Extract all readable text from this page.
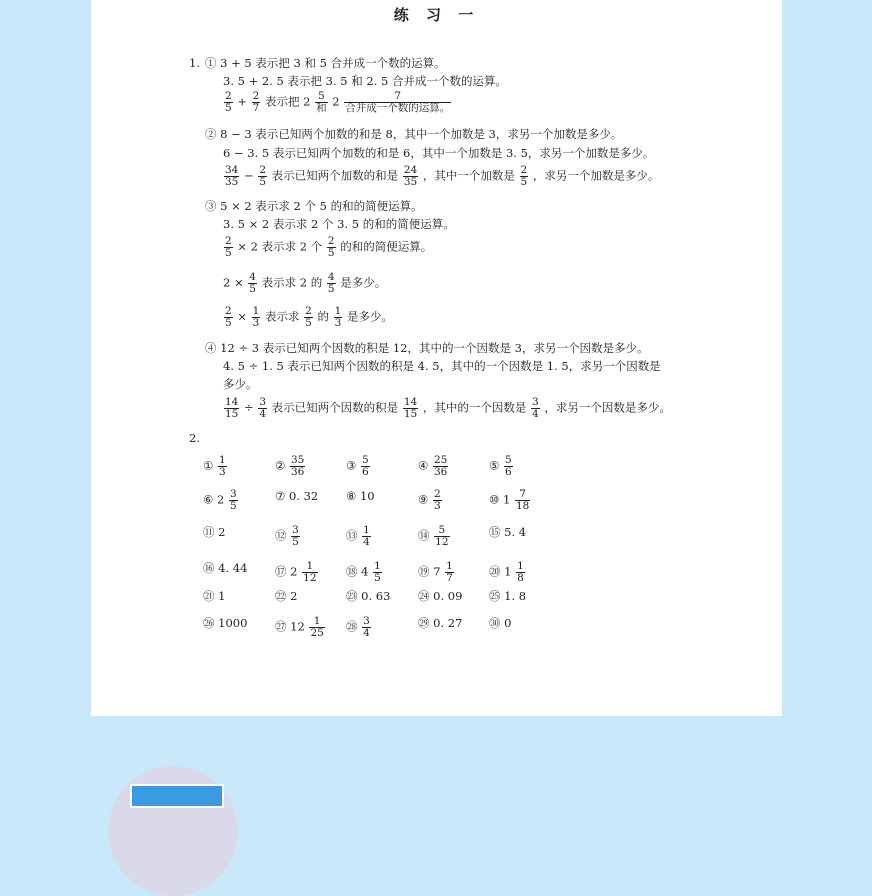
练 习 一
1. ① 3 + 5 表示把 3 和 5 合并成一个数的运算。
3. 5 + 2. 5 表示把 3. 5 和 2. 5 合并成一个数的运算。
$\frac{2}{5} + \frac{2}{7}$ 表示把 $2 \frac{5}{\text{和}} 2 \frac{7}{\text{合并成一个数的运算。}}$
② 8 − 3 表示已知两个加数的和是 8，其中一个加数是 3，求另一个加数是多少。
6 − 3. 5 表示已知两个加数的和是 6，其中一个加数是 3. 5，求另一个加数是多少。
$\frac{34}{35} - \frac{2}{5}$ 表示已知两个加数的和是 $\frac{24}{35}$ ，其中一个加数是 $\frac{2}{5}$ ，求另一个加数是多少。
③ 5 × 2 表示求 2 个 5 的和的简便运算。
3. 5 × 2 表示求 2 个 3. 5 的和的简便运算。
$\frac{2}{5} \times 2$ 表示求 2 个 $\frac{2}{5}$ 的和的简便运算。
$2 \times \frac{4}{5}$ 表示求 2 的 $\frac{4}{5}$ 是多少。
$\frac{2}{5} \times \frac{1}{3}$ 表示求 $\frac{2}{5}$ 的 $\frac{1}{3}$ 是多少。
④ 12 ÷ 3 表示已知两个因数的积是 12，其中的一个因数是 3，求另一个因数是多少。
4. 5 ÷ 1. 5 表示已知两个因数的积是 4. 5，其中的一个因数是 1. 5，求另一个因数是
多少。
$\frac{14}{15} \div \frac{3}{4}$ 表示已知两个因数的积是 $\frac{14}{15}$ ，其中的一个因数是 $\frac{3}{4}$ ，求另一个因数是多少。
2.
① $\frac{1}{3}$	② $\frac{35}{36}$	③ $\frac{5}{6}$	④ $\frac{25}{36}$	⑤ $\frac{5}{6}$
⑥ $2 \frac{3}{5}$	⑦ 0. 32 ⑧ 10	⑨ $\frac{2}{3}$	⑩ $1 \frac{7}{18}$
⑪ 2	⑫ $\frac{3}{5}$	⑬ $\frac{1}{4}$	⑭ $\frac{5}{12}$	⑮ 5. 4
⑯ 4. 44 ⑰ $2 \frac{1}{12}$ ⑱ $4 \frac{1}{5}$	⑲ $7 \frac{1}{7}$	⑳ $1 \frac{1}{8}$
㉑ 1	㉒ 2	㉓ 0. 63 ㉔ 0. 09 ㉕ 1. 8
㉖ 1000 ㉗ $12 \frac{1}{25}$ ㉘ $\frac{3}{4}$	㉙ 0. 27 ㉚ 0
